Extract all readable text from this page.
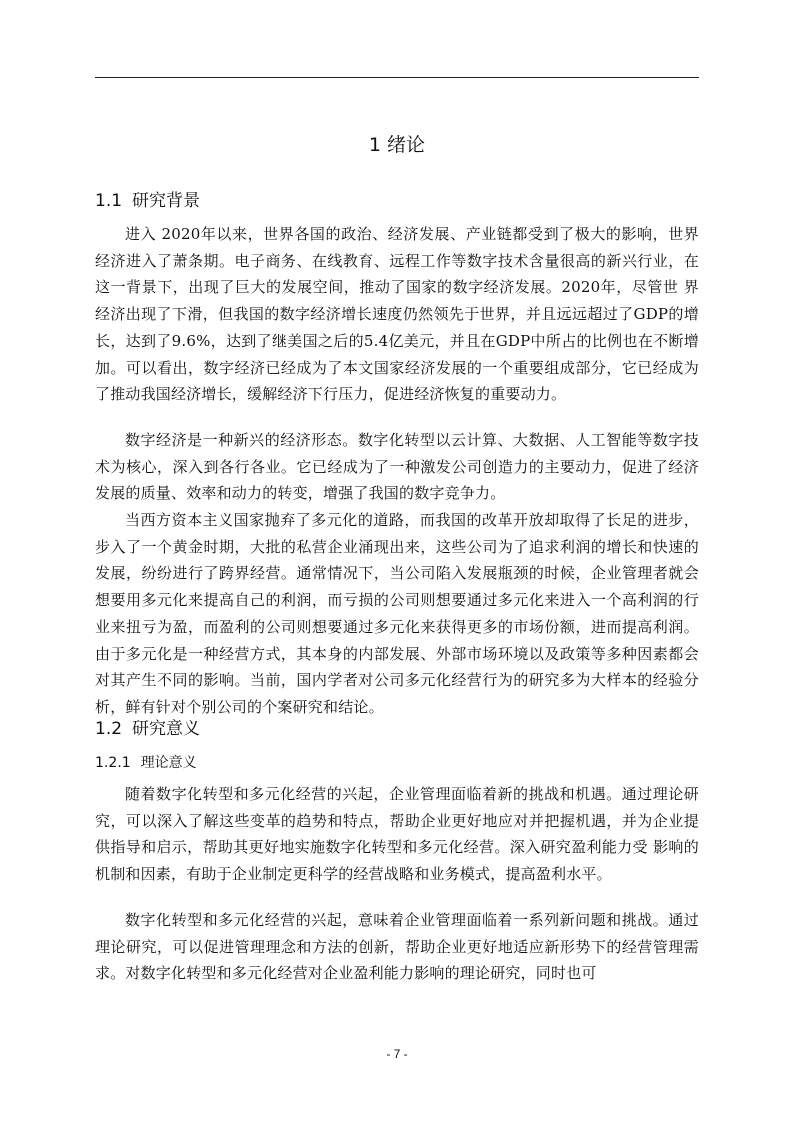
1 绪论
1.1 研究背景

进入 2020年以来，世界各国的政治、经济发展、产业链都受到了极大的影响，世界经济进入了萧条期。电子商务、在线教育、远程工作等数字技术含量很高的新兴行业，在这一背景下，出现了巨大的发展空间，推动了国家的数字经济发展。2020年，尽管世 界经济出现了下滑，但我国的数字经济增长速度仍然领先于世界，并且远远超过了GDP的增长，达到了9.6%，达到了继美国之后的5.4亿美元，并且在GDP中所占的比例也在不断增加。可以看出，数字经济已经成为了本文国家经济发展的一个重要组成部分，它已经成为了推动我国经济增长，缓解经济下行压力，促进经济恢复的重要动力。

数字经济是一种新兴的经济形态。数字化转型以云计算、大数据、人工智能等数字技术为核心，深入到各行各业。它已经成为了一种激发公司创造力的主要动力，促进了经济发展的质量、效率和动力的转变，增强了我国的数字竞争力。

当西方资本主义国家抛弃了多元化的道路，而我国的改革开放却取得了长足的进步，步入了一个黄金时期，大批的私营企业涌现出来，这些公司为了追求利润的增长和快速的发展，纷纷进行了跨界经营。通常情况下，当公司陷入发展瓶颈的时候，企业管理者就会想要用多元化来提高自己的利润，而亏损的公司则想要通过多元化来进入一个高利润的行业来扭亏为盈，而盈利的公司则想要通过多元化来获得更多的市场份额，进而提高利润。由于多元化是一种经营方式，其本身的内部发展、外部市场环境以及政策等多种因素都会对其产生不同的影响。当前，国内学者对公司多元化经营行为的研究多为大样本的经验分析，鲜有针对个别公司的个案研究和结论。

1.2 研究意义
1.2.1 理论意义

随着数字化转型和多元化经营的兴起，企业管理面临着新的挑战和机遇。通过理论研究，可以深入了解这些变革的趋势和特点，帮助企业更好地应对并把握机遇，并为企业提供指导和启示，帮助其更好地实施数字化转型和多元化经营。深入研究盈利能力受 影响的机制和因素，有助于企业制定更科学的经营战略和业务模式，提高盈利水平。

数字化转型和多元化经营的兴起，意味着企业管理面临着一系列新问题和挑战。通过理论研究，可以促进管理理念和方法的创新，帮助企业更好地适应新形势下的经营管理需求。对数字化转型和多元化经营对企业盈利能力影响的理论研究，同时也可

- 7 -
